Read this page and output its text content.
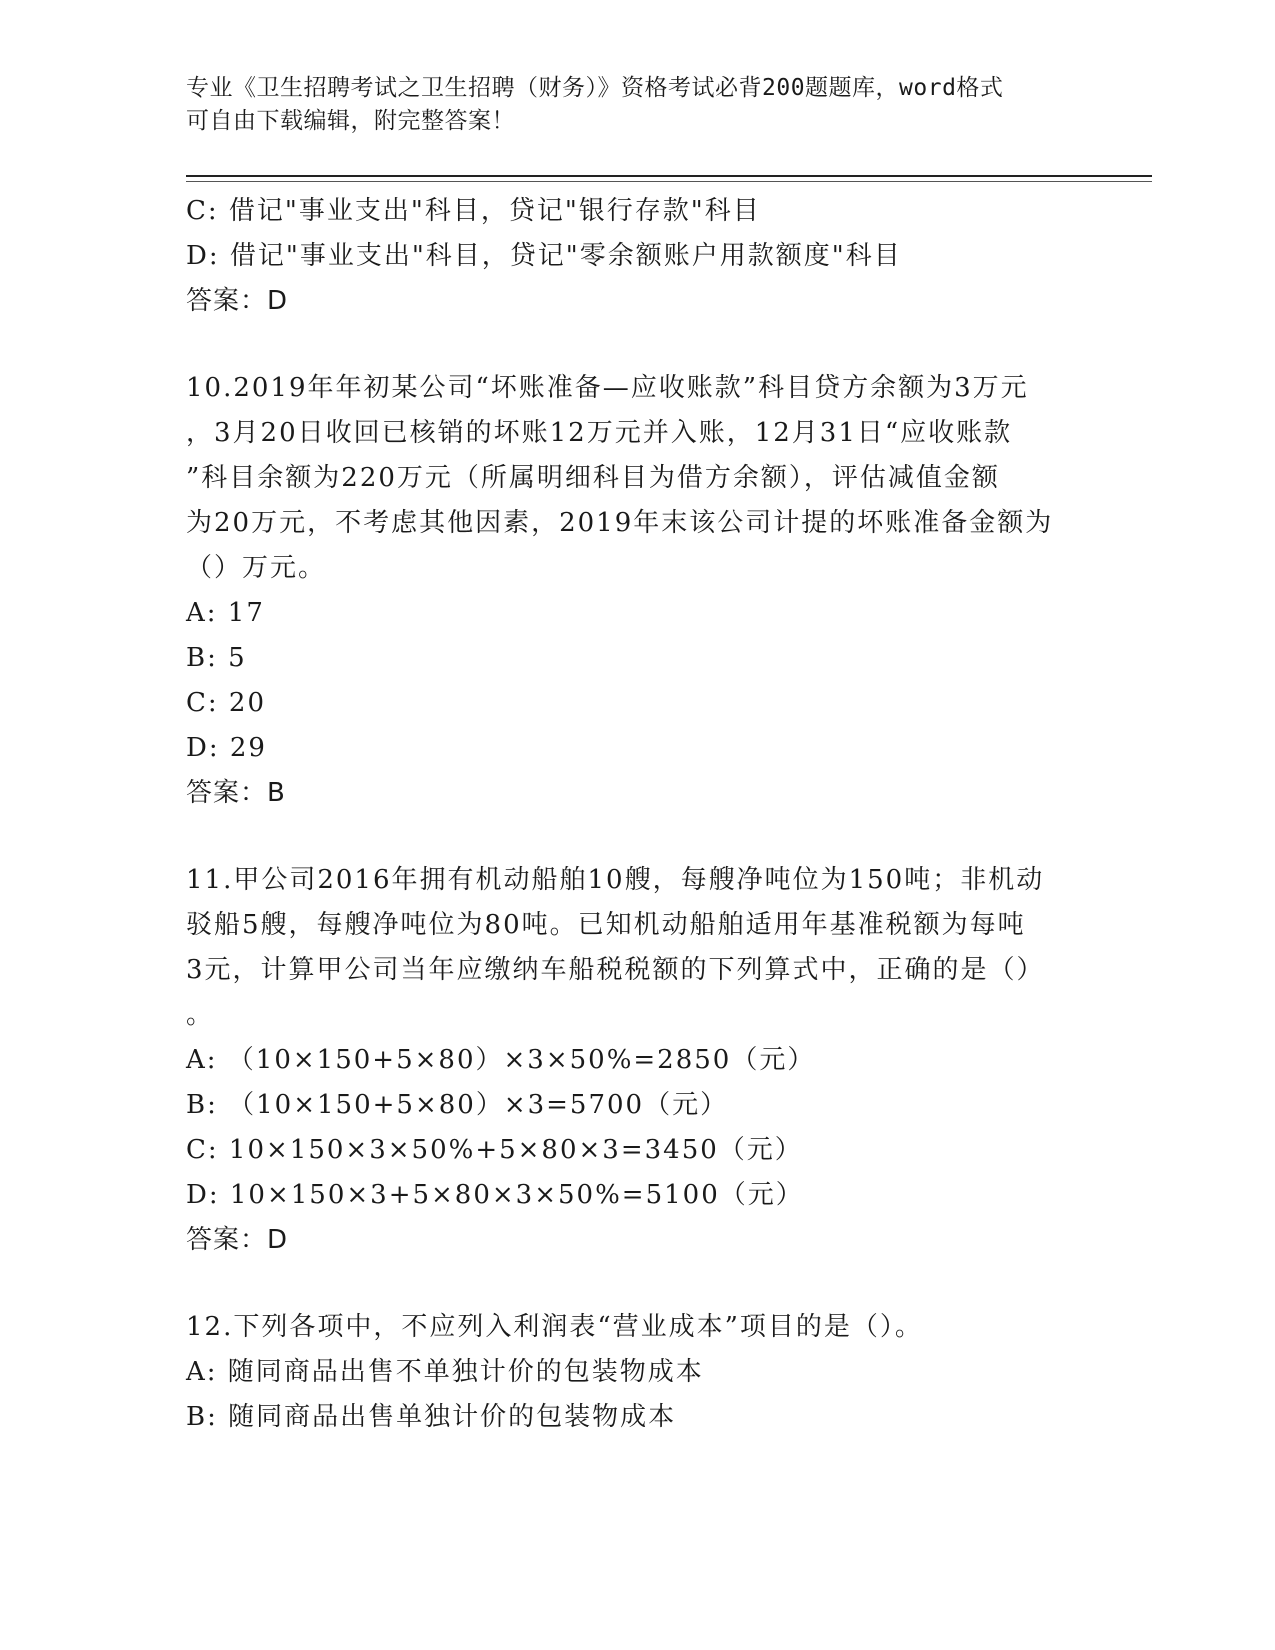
专业《卫生招聘考试之卫生招聘（财务）》资格考试必背200题题库，word格式
可自由下载编辑，附完整答案！
C: 借记"事业支出"科目，贷记"银行存款"科目
D: 借记"事业支出"科目，贷记"零余额账户用款额度"科目
答案：D
10.2019年年初某公司“坏账准备—应收账款”科目贷方余额为3万元
，3月20日收回已核销的坏账12万元并入账，12月31日“应收账款
”科目余额为220万元（所属明细科目为借方余额），评估减值金额
为20万元，不考虑其他因素，2019年末该公司计提的坏账准备金额为
（）万元。
A: 17
B: 5
C: 20
D: 29
答案：B
11.甲公司2016年拥有机动船舶10艘，每艘净吨位为150吨；非机动
驳船5艘，每艘净吨位为80吨。已知机动船舶适用年基准税额为每吨
3元，计算甲公司当年应缴纳车船税税额的下列算式中，正确的是（）
。
A: （10×150+5×80）×3×50%=2850（元）
B: （10×150+5×80）×3=5700（元）
C: 10×150×3×50%+5×80×3=3450（元）
D: 10×150×3+5×80×3×50%=5100（元）
答案：D
12.下列各项中，不应列入利润表“营业成本”项目的是（）。
A: 随同商品出售不单独计价的包装物成本
B: 随同商品出售单独计价的包装物成本
